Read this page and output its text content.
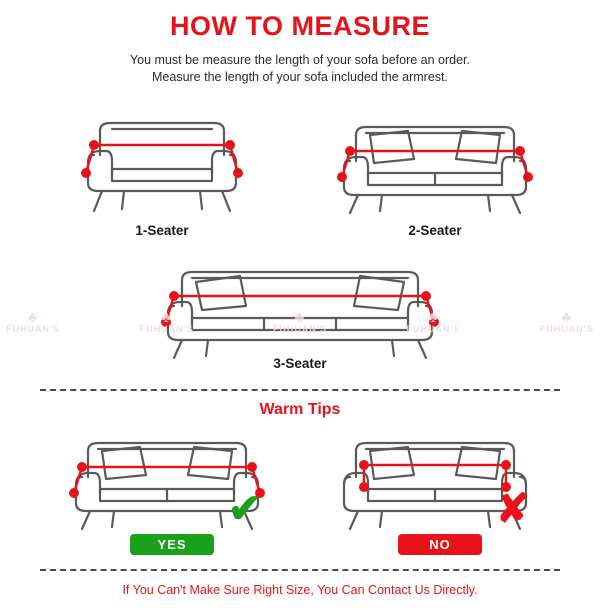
HOW TO MEASURE
You must be measure the length of your sofa before an order.
Measure the length of your sofa included the armrest.
1-Seater	2-Seater
3-Seater
♣
FUHUAN'S
♣
FUHUAN'S
♣
FUHUAN'S
♣
FUHUAN'S
♣
FUHUAN'S
Warm Tips
✔
YES
✘
NO
If You Can't Make Sure Right Size, You Can Contact Us Directly.
